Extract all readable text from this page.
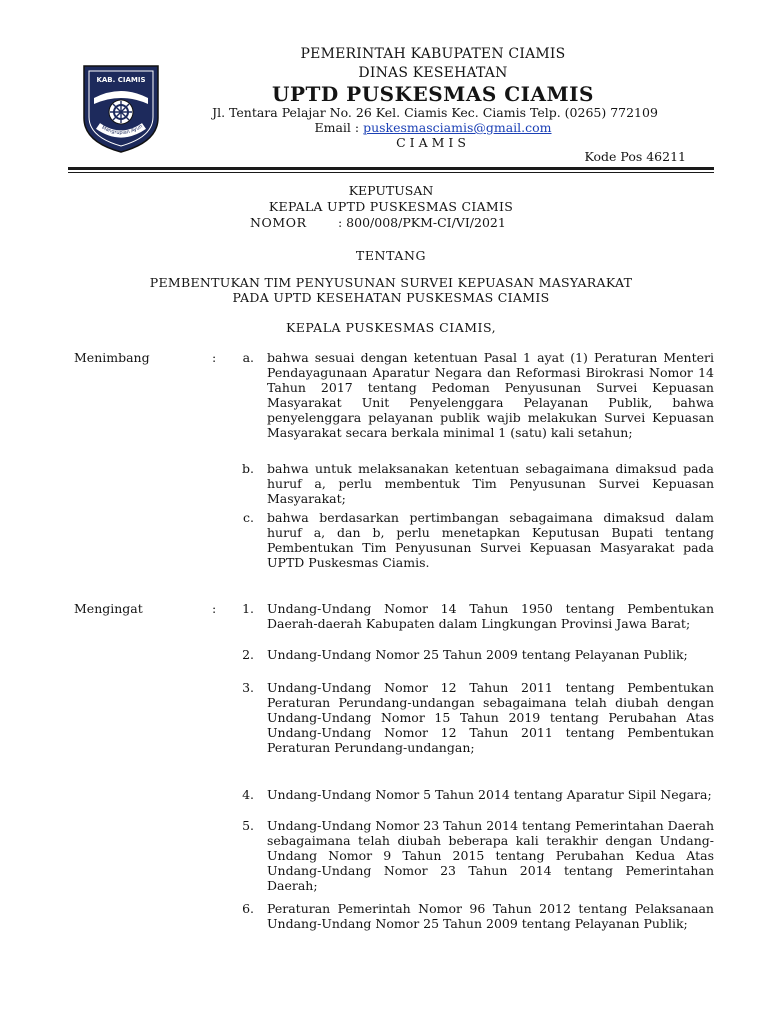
KAB. CIAMIS
Mangrupian Ayun
PEMERINTAH KABUPATEN CIAMIS
DINAS KESEHATAN
UPTD PUSKESMAS CIAMIS
Jl. Tentara Pelajar No. 26 Kel. Ciamis Kec. Ciamis Telp. (0265) 772109
Email : puskesmasciamis@gmail.com
CIAMIS
Kode Pos 46211
KEPUTUSAN
KEPALA UPTD PUSKESMAS CIAMIS
NOMOR	: 800/008/PKM-CI/VI/2021
TENTANG
PEMBENTUKAN TIM PENYUSUNAN SURVEI KEPUASAN MASYARAKAT
PADA UPTD KESEHATAN PUSKESMAS CIAMIS
KEPALA PUSKESMAS CIAMIS,
Menimbang	:	a. bahwa sesuai dengan ketentuan Pasal 1 ayat (1) Peraturan Menteri Pendayagunaan Aparatur Negara dan Reformasi Birokrasi Nomor 14 Tahun 2017 tentang Pedoman Penyusunan Survei Kepuasan Masyarakat Unit Penyelenggara Pelayanan Publik, bahwa penyelenggara pelayanan publik wajib melakukan Survei Kepuasan Masyarakat secara berkala minimal 1 (satu) kali setahun;
b. bahwa untuk melaksanakan ketentuan sebagaimana dimaksud pada huruf a, perlu membentuk Tim Penyusunan Survei Kepuasan Masyarakat;
c. bahwa berdasarkan pertimbangan sebagaimana dimaksud dalam huruf a, dan b, perlu menetapkan Keputusan Bupati tentang Pembentukan Tim Penyusunan Survei Kepuasan Masyarakat pada UPTD Puskesmas Ciamis.
Mengingat	:	1. Undang-Undang Nomor 14 Tahun 1950 tentang Pembentukan Daerah-daerah Kabupaten dalam Lingkungan Provinsi Jawa Barat;
2. Undang-Undang Nomor 25 Tahun 2009 tentang Pelayanan Publik;
3. Undang-Undang Nomor 12 Tahun 2011 tentang Pembentukan Peraturan Perundang-undangan sebagaimana telah diubah dengan Undang-Undang Nomor 15 Tahun 2019 tentang Perubahan Atas Undang-Undang Nomor 12 Tahun 2011 tentang Pembentukan Peraturan Perundang-undangan;
4. Undang-Undang Nomor 5 Tahun 2014 tentang Aparatur Sipil Negara;
5. Undang-Undang Nomor 23 Tahun 2014 tentang Pemerintahan Daerah sebagaimana telah diubah beberapa kali terakhir dengan Undang-Undang Nomor 9 Tahun 2015 tentang Perubahan Kedua Atas Undang-Undang Nomor 23 Tahun 2014 tentang Pemerintahan Daerah;
6. Peraturan Pemerintah Nomor 96 Tahun 2012 tentang Pelaksanaan Undang-Undang Nomor 25 Tahun 2009 tentang Pelayanan Publik;
